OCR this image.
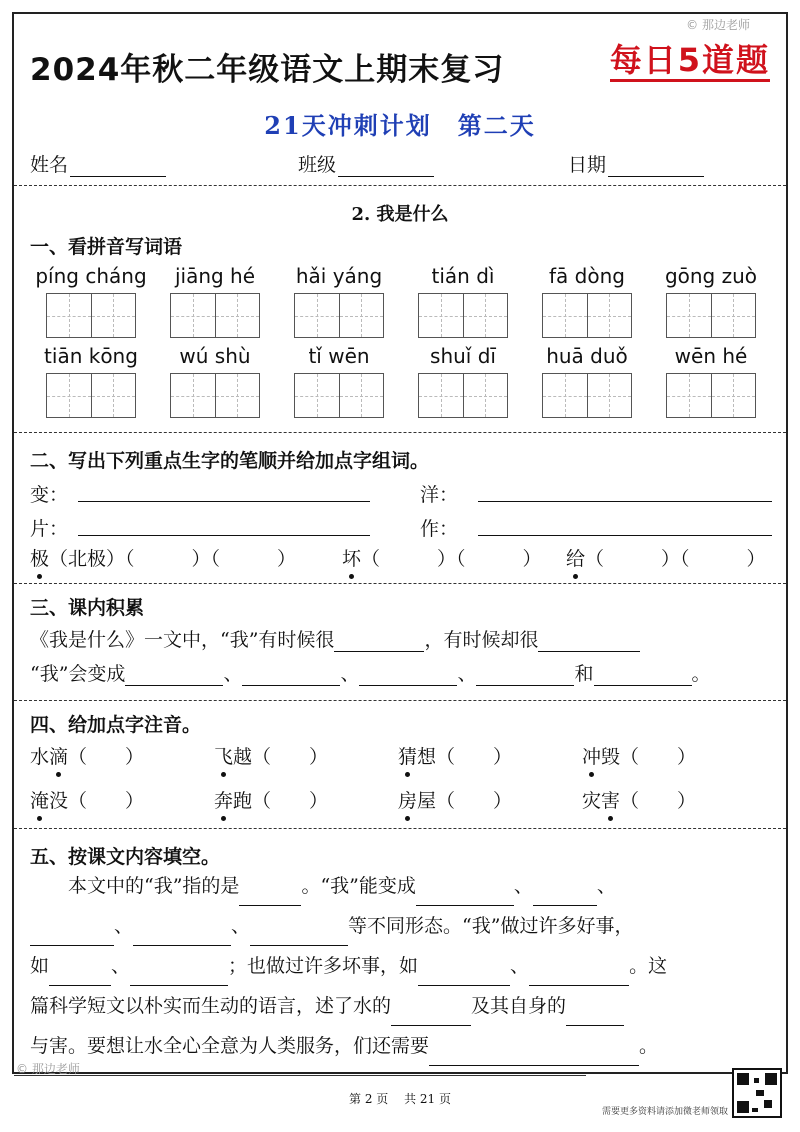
© 那边老师
2024年秋二年级语文上期末复习	每日5道题
21天冲刺计划　第二天
姓名	班级	日期
2. 我是什么
一、看拼音写词语
píng cháng	jiāng hé	hǎi yáng	tián dì	fā dòng	gōng zuò
tiān kōng	wú shù	tǐ wēn	shuǐ dī	huā duǒ	wēn hé
二、写出下列重点生字的笔顺并给加点字组词。
变：	洋：
片：	作：
极（北极）（　　　）（　　　） 坏（　　　）（　　　） 给（　　　）（　　　）
三、课内积累
《我是什么》一文中，“我”有时候很	，有时候却很
“我”会变成	、	、	、	和	。
四、给加点字注音。
水滴（　　）	飞越（　　）	猜想（　　）	冲毁（　　）
淹没（　　）	奔跑（　　）	房屋（　　）	灾害（　　）
五、按课文内容填空。
本文中的“我”指的是	。“我”能变成	、	、
、	、	等不同形态。“我”做过许多好事，
如	、	；也做过许多坏事，如	、	。这
篇科学短文以朴实而生动的语言，述了水的	及其自身的
与害。要想让水全心全意为人类服务，们还需要	。
© 那边老师
第 2 页　 共 21 页
需要更多资料请添加微老师领取
